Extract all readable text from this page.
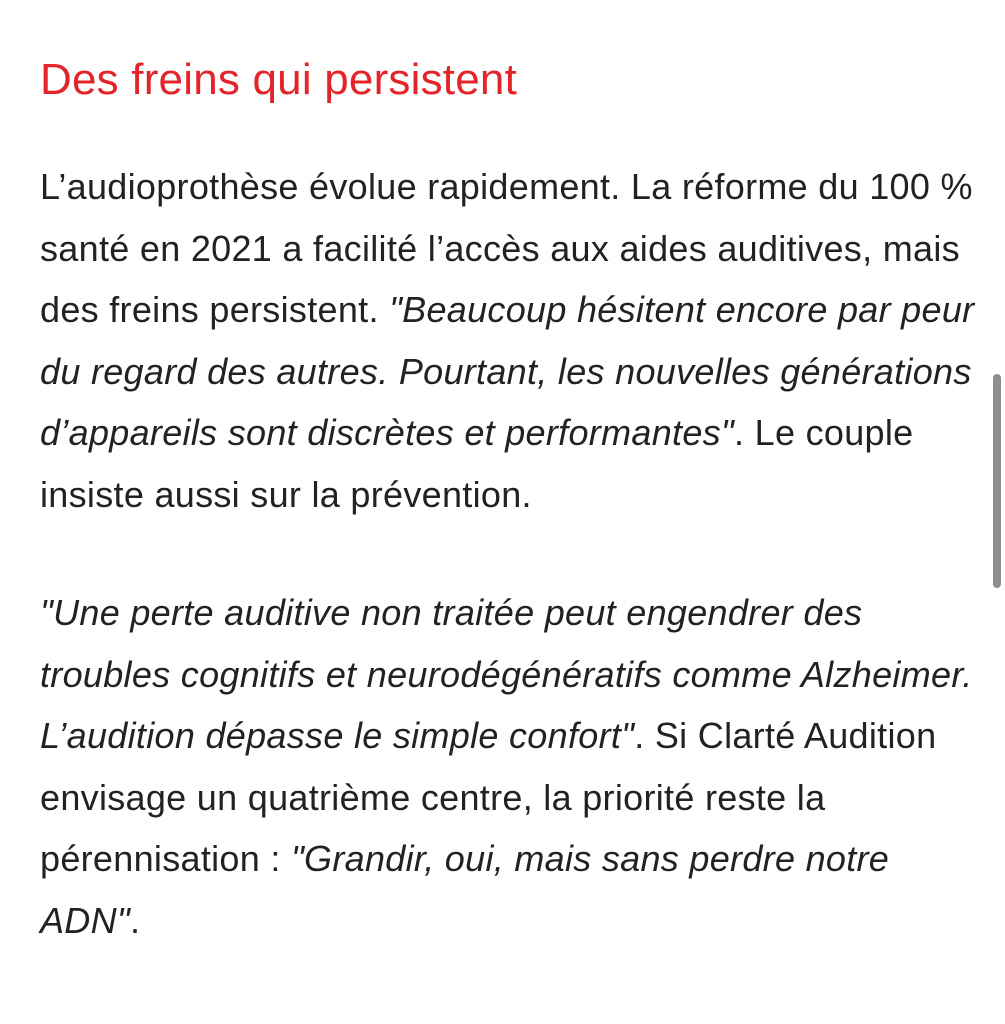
Des freins qui persistent

L’audioprothèse évolue rapidement. La réforme du 100 % santé en 2021 a facilité l’accès aux aides auditives, mais des freins persistent. "Beaucoup hésitent encore par peur du regard des autres. Pourtant, les nouvelles générations d’appareils sont discrètes et performantes". Le couple insiste aussi sur la prévention.

"Une perte auditive non traitée peut engendrer des troubles cognitifs et neurodégénératifs comme Alzheimer. L’audition dépasse le simple confort". Si Clarté Audition envisage un quatrième centre, la priorité reste la pérennisation : "Grandir, oui, mais sans perdre notre ADN".
